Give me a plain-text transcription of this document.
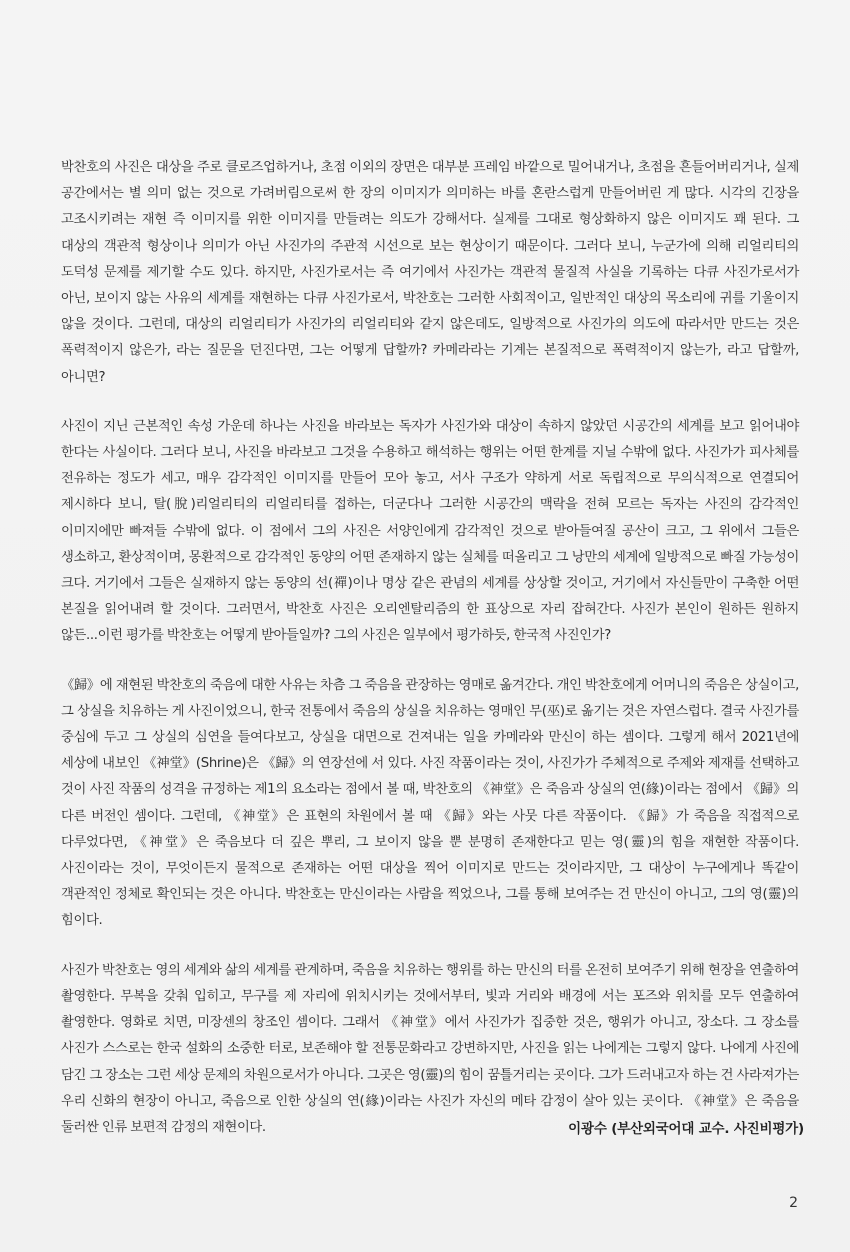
박찬호의 사진은 대상을 주로 클로즈업하거나, 초점 이외의 장면은 대부분 프레임 바깥으로 밀어내거나, 초점을 흔들어버리거나, 실제 공간에서는 별 의미 없는 것으로 가려버림으로써 한 장의 이미지가 의미하는 바를 혼란스럽게 만들어버린 게 많다. 시각의 긴장을 고조시키려는 재현 즉 이미지를 위한 이미지를 만들려는 의도가 강해서다. 실제를 그대로 형상화하지 않은 이미지도 꽤 된다. 그 대상의 객관적 형상이나 의미가 아닌 사진가의 주관적 시선으로 보는 현상이기 때문이다. 그러다 보니, 누군가에 의해 리얼리티의 도덕성 문제를 제기할 수도 있다. 하지만, 사진가로서는 즉 여기에서 사진가는 객관적 물질적 사실을 기록하는 다큐 사진가로서가 아닌, 보이지 않는 사유의 세계를 재현하는 다큐 사진가로서, 박찬호는 그러한 사회적이고, 일반적인 대상의 목소리에 귀를 기울이지 않을 것이다. 그런데, 대상의 리얼리티가 사진가의 리얼리티와 같지 않은데도, 일방적으로 사진가의 의도에 따라서만 만드는 것은 폭력적이지 않은가, 라는 질문을 던진다면, 그는 어떻게 답할까? 카메라라는 기계는 본질적으로 폭력적이지 않는가, 라고 답할까, 아니면?

사진이 지닌 근본적인 속성 가운데 하나는 사진을 바라보는 독자가 사진가와 대상이 속하지 않았던 시공간의 세계를 보고 읽어내야 한다는 사실이다. 그러다 보니, 사진을 바라보고 그것을 수용하고 해석하는 행위는 어떤 한계를 지닐 수밖에 없다. 사진가가 피사체를 전유하는 정도가 세고, 매우 감각적인 이미지를 만들어 모아 놓고, 서사 구조가 약하게 서로 독립적으로 무의식적으로 연결되어 제시하다 보니, 탈(脫)리얼리티의 리얼리티를 접하는, 더군다나 그러한 시공간의 맥락을 전혀 모르는 독자는 사진의 감각적인 이미지에만 빠져들 수밖에 없다. 이 점에서 그의 사진은 서양인에게 감각적인 것으로 받아들여질 공산이 크고, 그 위에서 그들은 생소하고, 환상적이며, 몽환적으로 감각적인 동양의 어떤 존재하지 않는 실체를 떠올리고 그 낭만의 세계에 일방적으로 빠질 가능성이 크다. 거기에서 그들은 실재하지 않는 동양의 선(禪)이나 명상 같은 관념의 세계를 상상할 것이고, 거기에서 자신들만이 구축한 어떤 본질을 읽어내려 할 것이다. 그러면서, 박찬호 사진은 오리엔탈리즘의 한 표상으로 자리 잡혀간다. 사진가 본인이 원하든 원하지 않든...이런 평가를 박찬호는 어떻게 받아들일까? 그의 사진은 일부에서 평가하듯, 한국적 사진인가?

《歸》에 재현된 박찬호의 죽음에 대한 사유는 차츰 그 죽음을 관장하는 영매로 옮겨간다. 개인 박찬호에게 어머니의 죽음은 상실이고, 그 상실을 치유하는 게 사진이었으니, 한국 전통에서 죽음의 상실을 치유하는 영매인 무(巫)로 옮기는 것은 자연스럽다. 결국 사진가를 중심에 두고 그 상실의 심연을 들여다보고, 상실을 대면으로 건져내는 일을 카메라와 만신이 하는 셈이다. 그렇게 해서 2021년에 세상에 내보인 《神堂》(Shrine)은 《歸》의 연장선에 서 있다. 사진 작품이라는 것이, 사진가가 주체적으로 주제와 제재를 선택하고 것이 사진 작품의 성격을 규정하는 제1의 요소라는 점에서 볼 때, 박찬호의 《神堂》은 죽음과 상실의 연(緣)이라는 점에서 《歸》의 다른 버전인 셈이다. 그런데, 《神堂》은 표현의 차원에서 볼 때 《歸》와는 사뭇 다른 작품이다. 《歸》가 죽음을 직접적으로 다루었다면, 《神堂》은 죽음보다 더 깊은 뿌리, 그 보이지 않을 뿐 분명히 존재한다고 믿는 영(靈)의 힘을 재현한 작품이다. 사진이라는 것이, 무엇이든지 물적으로 존재하는 어떤 대상을 찍어 이미지로 만드는 것이라지만, 그 대상이 누구에게나 똑같이 객관적인 정체로 확인되는 것은 아니다. 박찬호는 만신이라는 사람을 찍었으나, 그를 통해 보여주는 건 만신이 아니고, 그의 영(靈)의 힘이다.

사진가 박찬호는 영의 세계와 삶의 세계를 관계하며, 죽음을 치유하는 행위를 하는 만신의 터를 온전히 보여주기 위해 현장을 연출하여 촬영한다. 무복을 갖춰 입히고, 무구를 제 자리에 위치시키는 것에서부터, 빛과 거리와 배경에 서는 포즈와 위치를 모두 연출하여 촬영한다. 영화로 치면, 미장센의 창조인 셈이다. 그래서 《神堂》에서 사진가가 집중한 것은, 행위가 아니고, 장소다. 그 장소를 사진가 스스로는 한국 설화의 소중한 터로, 보존해야 할 전통문화라고 강변하지만, 사진을 읽는 나에게는 그렇지 않다. 나에게 사진에 담긴 그 장소는 그런 세상 문제의 차원으로서가 아니다. 그곳은 영(靈)의 힘이 꿈틀거리는 곳이다. 그가 드러내고자 하는 건 사라져가는 우리 신화의 현장이 아니고, 죽음으로 인한 상실의 연(緣)이라는 사진가 자신의 메타 감정이 살아 있는 곳이다. 《神堂》은 죽음을 둘러싼 인류 보편적 감정의 재현이다.	이광수 (부산외국어대 교수. 사진비평가)
2
